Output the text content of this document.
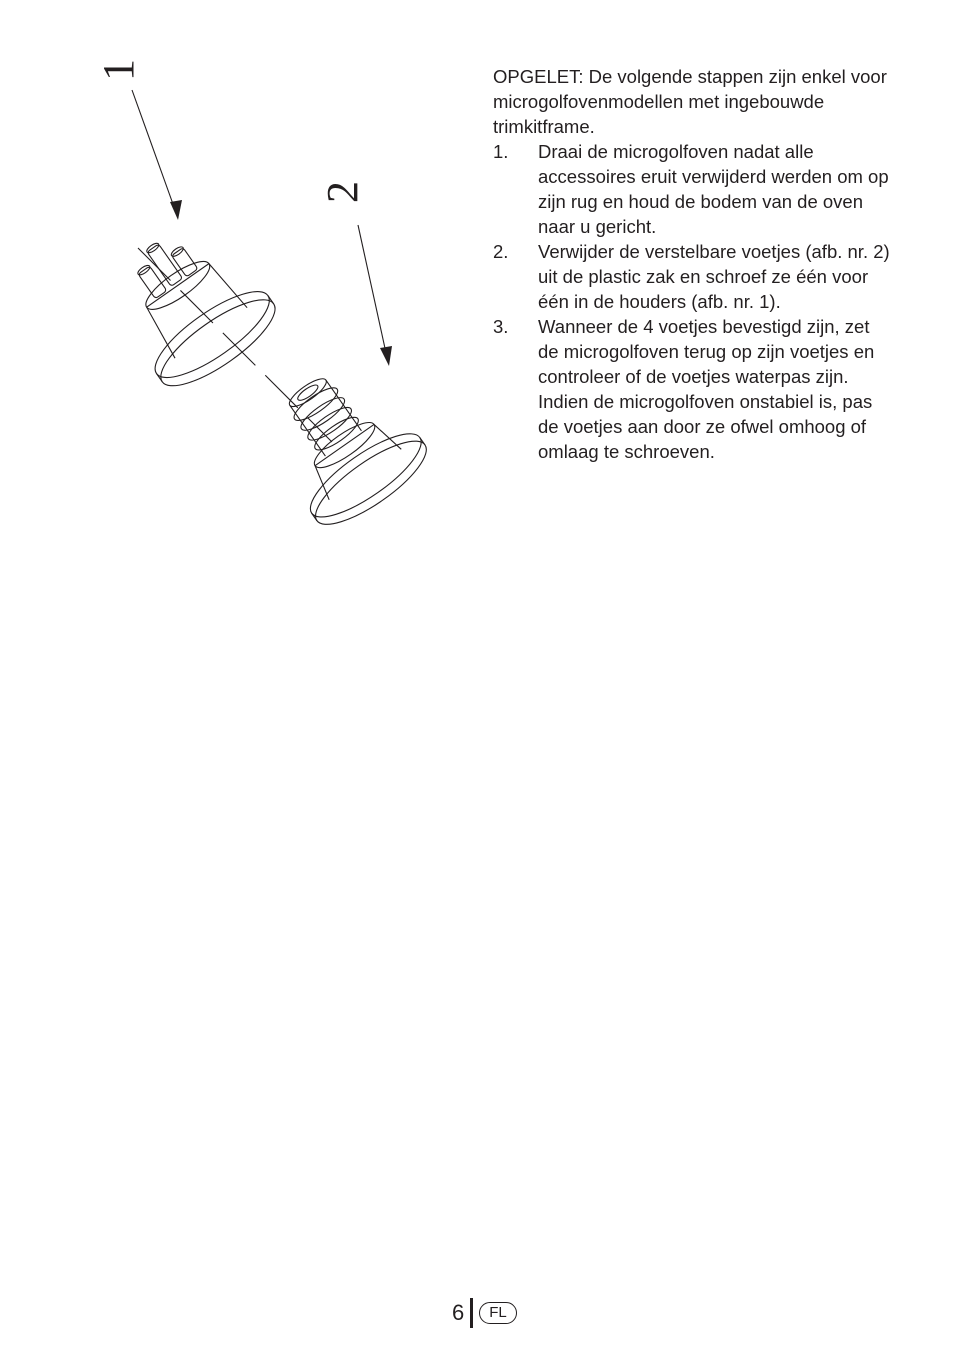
1
2

OPGELET: De volgende stappen zijn enkel voor microgolfovenmodellen met ingebouwde trimkitframe.

1. Draai de microgolfoven nadat alle accessoires eruit verwijderd werden om op zijn rug en houd de bodem van de oven naar u gericht.
2. Verwijder de verstelbare voetjes (afb. nr. 2) uit de plastic zak en schroef ze één voor één in de houders (afb. nr. 1).
3. Wanneer de 4 voetjes bevestigd zijn, zet de microgolfoven terug op zijn voetjes en controleer of de voetjes waterpas zijn. Indien de microgolfoven onstabiel is, pas de voetjes aan door ze ofwel omhoog of omlaag te schroeven.
6	FL
